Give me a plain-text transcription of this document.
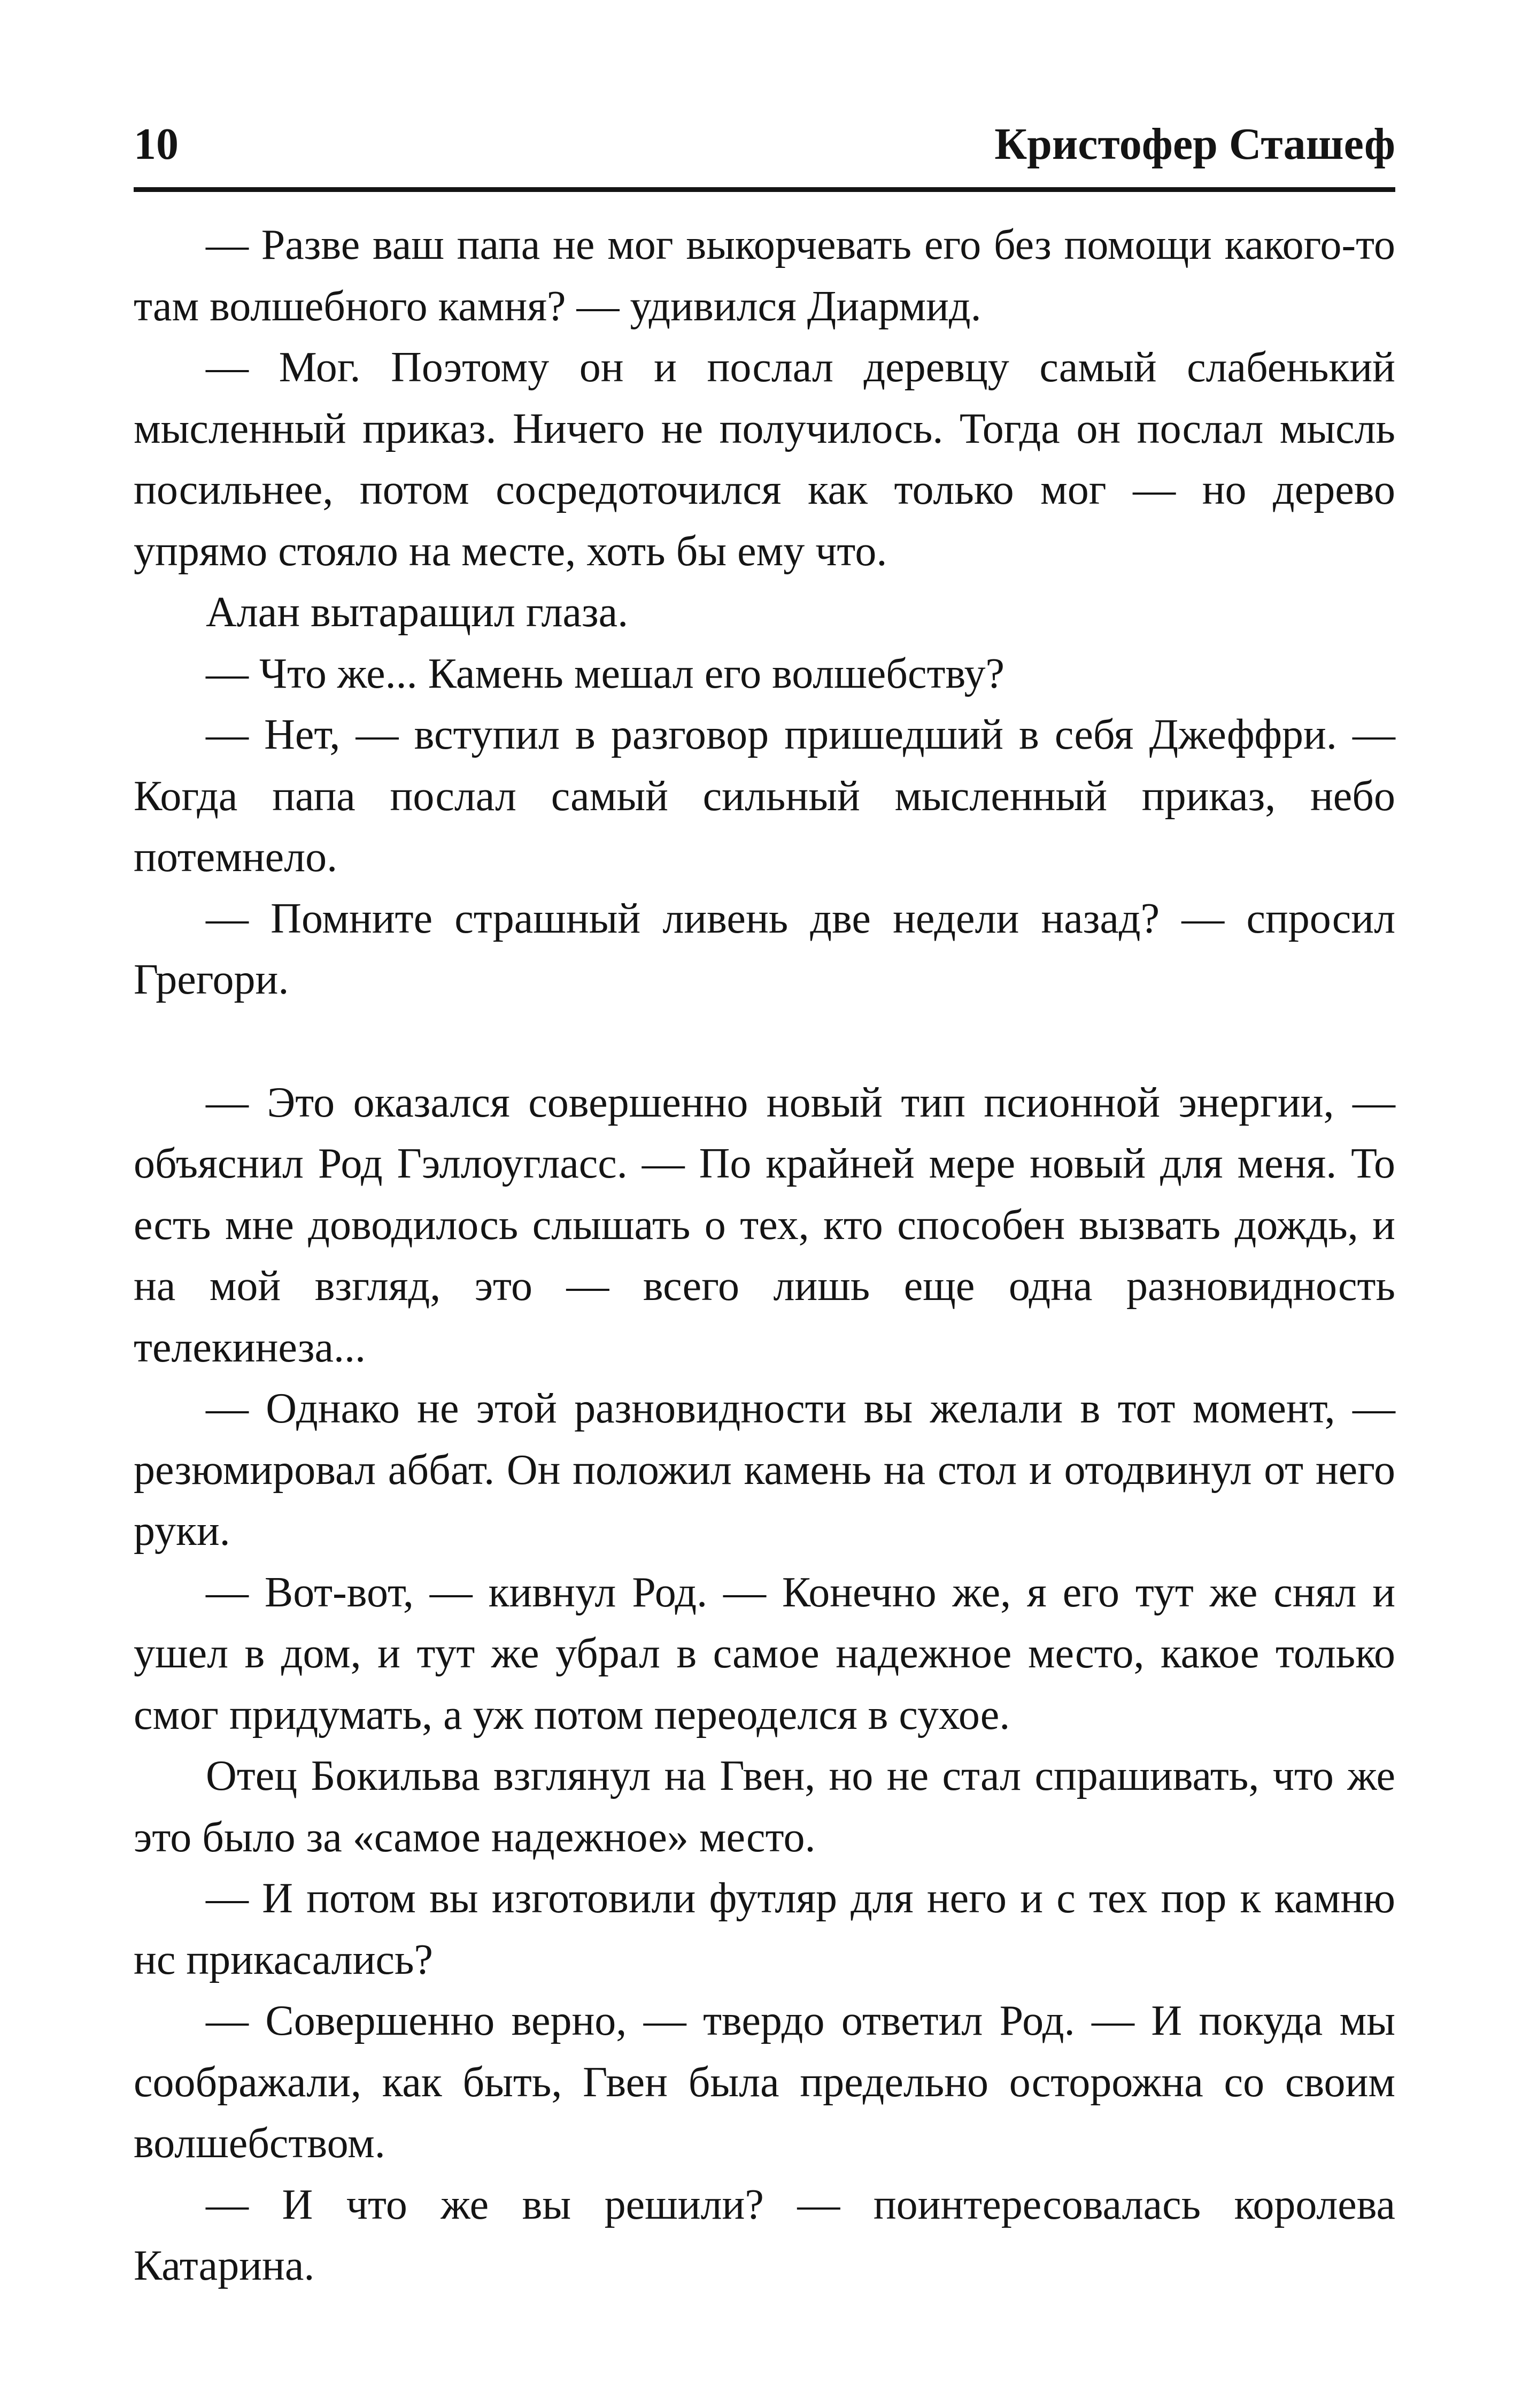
10	Кристофер Сташеф

— Разве ваш папа не мог выкорчевать его без помощи какого-то там волшебного камня? — удивился Диармид.

— Мог. Поэтому он и послал деревцу самый слабенький мысленный приказ. Ничего не получилось. Тогда он послал мысль посильнее, потом сосредоточился как только мог — но дерево упрямо стояло на месте, хоть бы ему что.

Алан вытаращил глаза.

— Что же... Камень мешал его волшебству?

— Нет, — вступил в разговор пришедший в себя Джеффри. — Когда папа послал самый сильный мысленный приказ, небо потемнело.

— Помните страшный ливень две недели назад? — спросил Грегори.

— Это оказался совершенно новый тип псионной энергии, — объяснил Род Гэллоугласс. — По крайней мере новый для меня. То есть мне доводилось слышать о тех, кто способен вызвать дождь, и на мой взгляд, это — всего лишь еще одна разновидность телекинеза...

— Однако не этой разновидности вы желали в тот момент, — резюмировал аббат. Он положил камень на стол и отодвинул от него руки.

— Вот-вот, — кивнул Род. — Конечно же, я его тут же снял и ушел в дом, и тут же убрал в самое надежное место, какое только смог придумать, а уж потом переоделся в сухое.

Отец Бокильва взглянул на Гвен, но не стал спрашивать, что же это было за «самое надежное» место.

— И потом вы изготовили футляр для него и с тех пор к камню нс прикасались?

— Совершенно верно, — твердо ответил Род. — И покуда мы соображали, как быть, Гвен была предельно осторожна со своим волшебством.

— И что же вы решили? — поинтересовалась королева Катарина.
